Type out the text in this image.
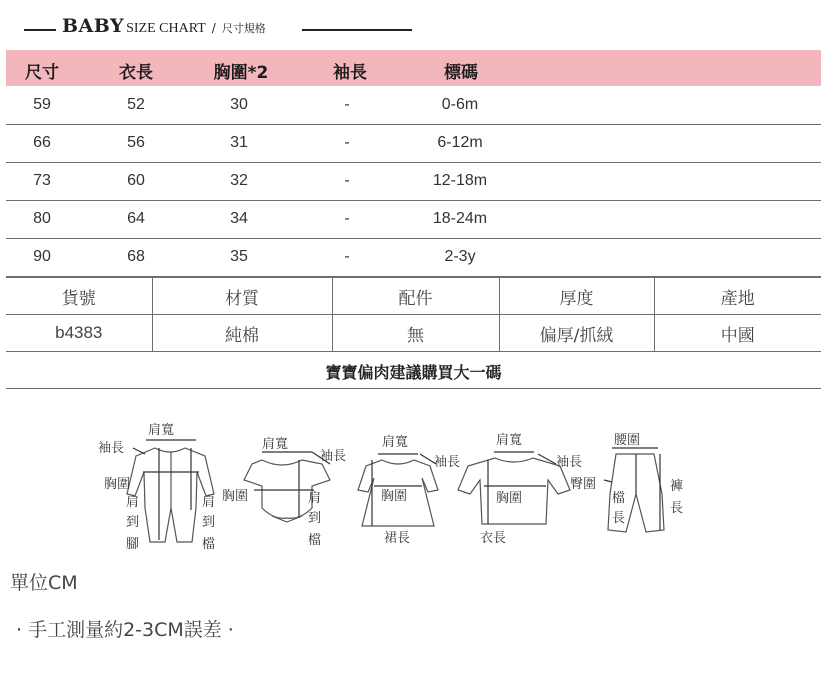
BABY SIZE CHART / 尺寸規格
尺寸	衣長	胸圍*2	袖長	標碼
59	52	30	-	0-6m
66	56	31	-	6-12m
73	60	32	-	12-18m
80	64	34	-	18-24m
90	68	35	-	2-3y
貨號	材質	配件	厚度	產地
b4383	純棉	無	偏厚/抓絨	中國
寶寶偏肉建議購買大一碼
肩寬
袖長
胸圍
肩
到
腳
肩
到
檔
肩寬
袖長
胸圍	肩
到
檔
肩寬
袖長
胸圍
裙長
肩寬
袖長
胸圍
衣長
腰圍
臀圍
檔
長
褲
長
單位CM
· 手工測量約2-3CM誤差 ·
